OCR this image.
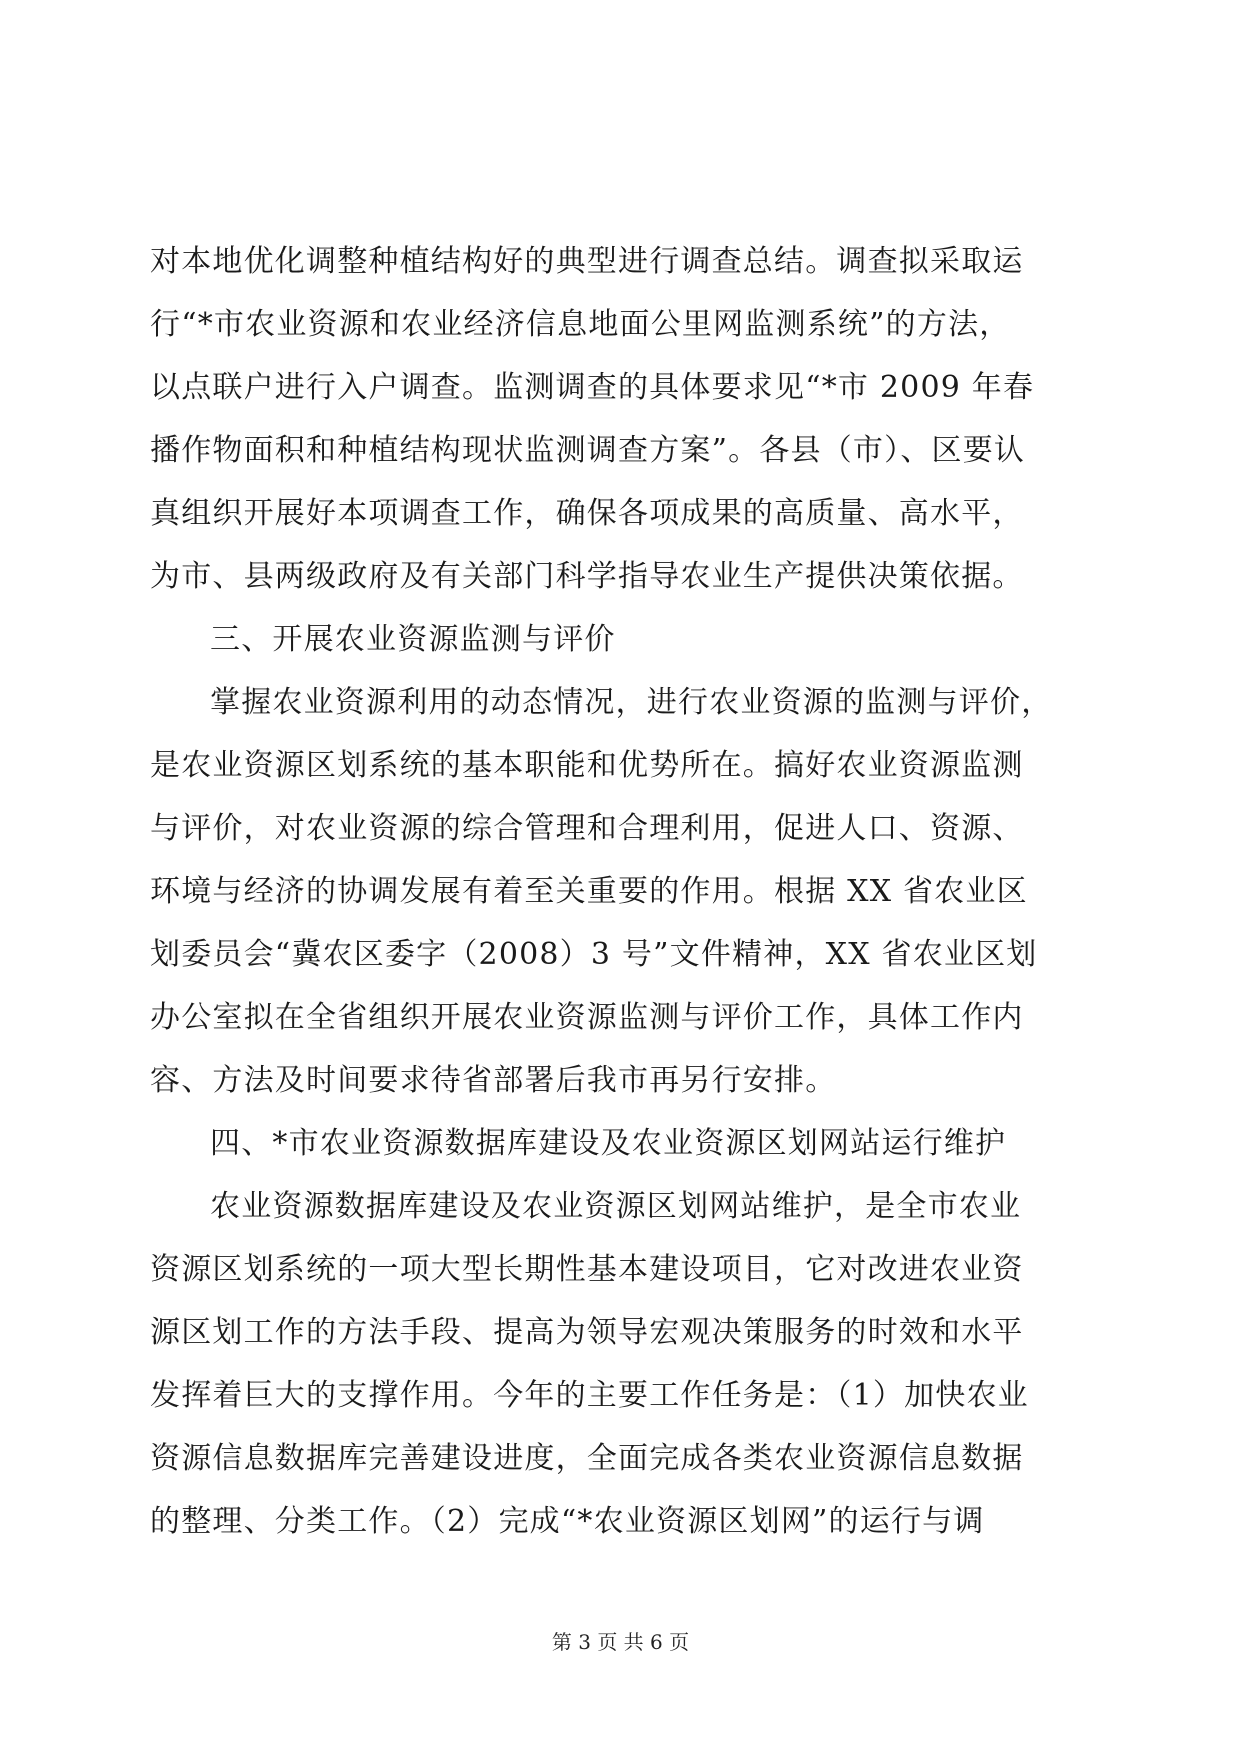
对本地优化调整种植结构好的典型进行调查总结。调查拟采取运
行“*市农业资源和农业经济信息地面公里网监测系统”的方法，
以点联户进行入户调查。监测调查的具体要求见“*市 2009 年春
播作物面积和种植结构现状监测调查方案”。各县（市）、区要认
真组织开展好本项调查工作，确保各项成果的高质量、高水平，
为市、县两级政府及有关部门科学指导农业生产提供决策依据。
三、开展农业资源监测与评价
掌握农业资源利用的动态情况，进行农业资源的监测与评价，
是农业资源区划系统的基本职能和优势所在。搞好农业资源监测
与评价，对农业资源的综合管理和合理利用，促进人口、资源、
环境与经济的协调发展有着至关重要的作用。根据 XX 省农业区
划委员会“冀农区委字（2008）3 号”文件精神，XX 省农业区划
办公室拟在全省组织开展农业资源监测与评价工作，具体工作内
容、方法及时间要求待省部署后我市再另行安排。
四、*市农业资源数据库建设及农业资源区划网站运行维护
农业资源数据库建设及农业资源区划网站维护，是全市农业
资源区划系统的一项大型长期性基本建设项目，它对改进农业资
源区划工作的方法手段、提高为领导宏观决策服务的时效和水平
发挥着巨大的支撑作用。今年的主要工作任务是：（1）加快农业
资源信息数据库完善建设进度，全面完成各类农业资源信息数据
的整理、分类工作。（2）完成“*农业资源区划网”的运行与调
第 3 页 共 6 页
